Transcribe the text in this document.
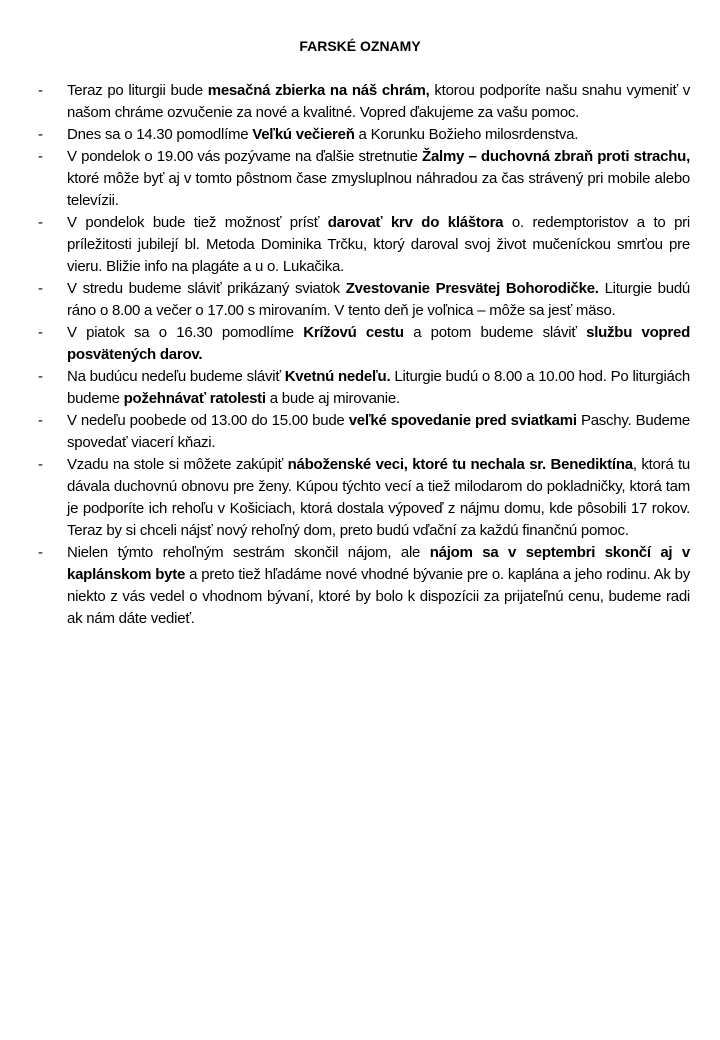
FARSKÉ OZNAMY
- Teraz po liturgii bude mesačná zbierka na náš chrám, ktorou podporíte našu snahu vymeniť v našom chráme ozvučenie za nové a kvalitné. Vopred ďakujeme za vašu pomoc.
- Dnes sa o 14.30 pomodlíme Veľkú večiereň a Korunku Božieho milosrdenstva.
- V pondelok o 19.00 vás pozývame na ďalšie stretnutie Žalmy – duchovná zbraň proti strachu, ktoré môže byť aj v tomto pôstnom čase zmysluplnou náhradou za čas strávený pri mobile alebo televízii.
- V pondelok bude tiež možnosť prísť darovať krv do kláštora o. redemptoristov a to pri príležitosti jubilejí bl. Metoda Dominika Trčku, ktorý daroval svoj život mučeníckou smrťou pre vieru. Bližie info na plagáte a u o. Lukačika.
- V stredu budeme sláviť prikázaný sviatok Zvestovanie Presvätej Bohorodičke. Liturgie budú ráno o 8.00 a večer o 17.00 s mirovaním. V tento deň je voľnica – môže sa jesť mäso.
- V piatok sa o 16.30 pomodlíme Krížovú cestu a potom budeme sláviť službu vopred posvätených darov.
- Na budúcu nedeľu budeme sláviť Kvetnú nedeľu. Liturgie budú o 8.00 a 10.00 hod. Po liturgiách budeme požehnávať ratolesti a bude aj mirovanie.
- V nedeľu poobede od 13.00 do 15.00 bude veľké spovedanie pred sviatkami Paschy. Budeme spovedať viacerí kňazi.
- Vzadu na stole si môžete zakúpiť náboženské veci, ktoré tu nechala sr. Benediktína, ktorá tu dávala duchovnú obnovu pre ženy. Kúpou týchto vecí a tiež milodarom do pokladničky, ktorá tam je podporíte ich rehoľu v Košiciach, ktorá dostala výpoveď z nájmu domu, kde pôsobili 17 rokov. Teraz by si chceli nájsť nový rehoľný dom, preto budú vďační za každú finančnú pomoc.
- Nielen týmto rehoľným sestrám skončil nájom, ale nájom sa v septembri skončí aj v kaplánskom byte a preto tiež hľadáme nové vhodné bývanie pre o. kaplána a jeho rodinu. Ak by niekto z vás vedel o vhodnom bývaní, ktoré by bolo k dispozícii za prijateľnú cenu, budeme radi ak nám dáte vedieť.
